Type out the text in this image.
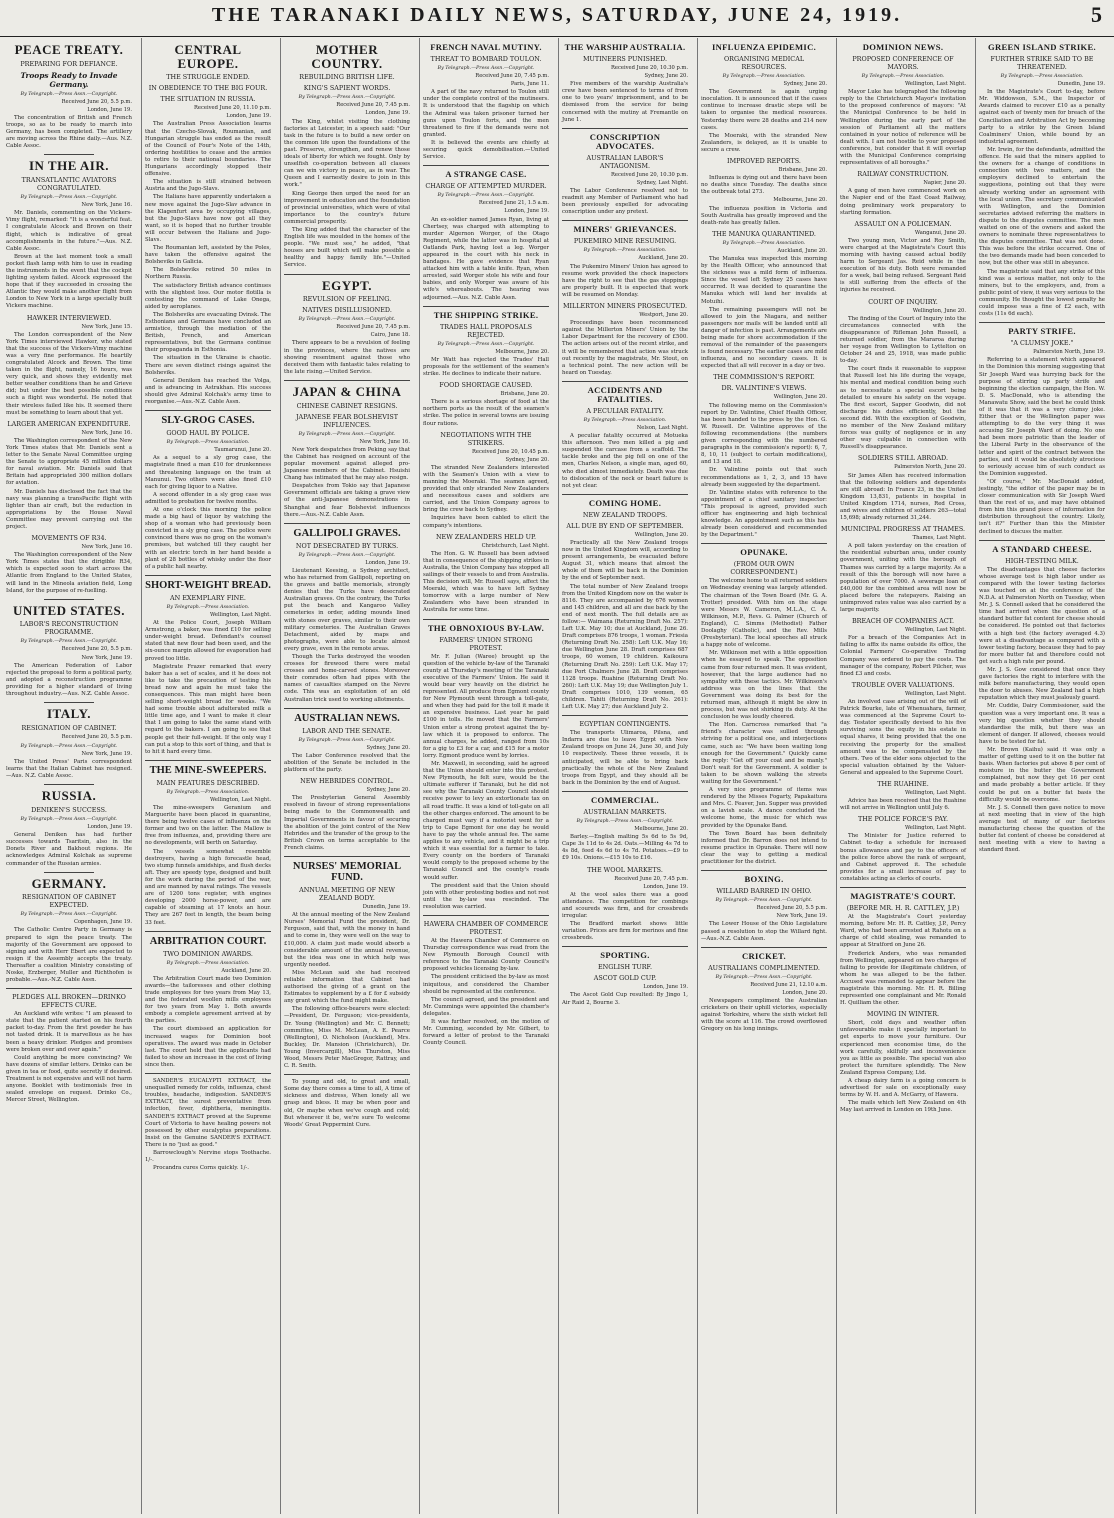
THE TARANAKI DAILY NEWS, SATURDAY, JUNE 24, 1919.	5
PEACE TREATY.
PREPARING FOR DEFIANCE.
Troops Ready to Invade Germany.
By Telegraph.—Press Assn.—Copyright.
Received June 20, 5.5 p.m.
London, June 19.
The concentration of British and French troops, so as to be ready to march into Germany, has been completed. The artillery are moving across the Rhine daily.—Aus. N.Z. Cable Assoc.
IN THE AIR.
TRANSATLANTIC AVIATORS CONGRATULATED.
By Telegraph.—Press Assn.—Copyright.
New York, June 16.
Mr. Daniels, commenting on the Vickers-Vimy flight, remarked: "It is a wonderful feat. I congratulate Alcock and Brown on their flight, which is indicative of great accomplishments in the future."—Aus. N.Z. Cable Assoc.
Brown at the last moment took a small pocket flash lamp with him to use in reading the instruments in the event that the cockpit lighting system failed. Alcock expressed the hope that if they succeeded in crossing the Atlantic they would make another flight from London to New York in a large specially built Vickers machine.
HAWKER INTERVIEWED.
New York, June 15.
The London correspondent of the New York Times interviewed Hawker, who stated that the success of the Vickers-Vimy machine was a very fine performance. He heartily congratulated Alcock and Brown. The time taken in the flight, namely, 16 hours, was very quick, and shows they evidently met better weather conditions than he and Grieve did; but under the best possible conditions such a flight was wonderful. He noted that their wireless failed like his. It seemed there must be something to learn about that yet.
LARGER AMERICAN EXPENDITURE.
New York, June 16.
The Washington correspondent of the New York Times states that Mr. Daniels sent a letter to the Senate Naval Committee urging the Senate to appropriate 45 million dollars for naval aviation. Mr. Daniels said that Britain had appropriated 300 million dollars for aviation.
Mr. Daniels has disclosed the fact that the navy was planning a transPacific flight with lighter than air craft, but the reduction in appropriations by the House Naval Committee may prevent carrying out the project.
MOVEMENTS OF R34.
New York, June 16.
The Washington correspondent of the New York Times states that the dirigible R34, which is expected soon to start across the Atlantic from England to the United States, will land in the Mineola aviation field, Long Island, for the purpose of re-fuelling.
UNITED STATES.
LABOR'S RECONSTRUCTION PROGRAMME.
By Telegraph.—Press Assn.—Copyright.
Received June 20, 5.5 p.m.
New York, June 19.
The American Federation of Labor rejected the proposal to form a political party, and adopted a reconstruction programme providing for a higher standard of living throughout industry.—Aus. N.Z. Cable Assoc.
ITALY.
RESIGNATION OF CABINET.
Received June 20, 5.5 p.m.
By Telegraph.—Press Assn.—Copyright.
New York, June 19.
The United Press' Paris correspondent learns that the Italian Cabinet has resigned.—Aus. N.Z. Cable Assoc.
RUSSIA.
DENIKEN'S SUCCESS.
By Telegraph.—Press Assn.—Copyright.
London, June 19.
General Deniken has had further successes towards Tsaritsin, also in the Donets River and Bakhout regions. He acknowledges Admiral Kolchak as supreme commander of the Russian armies.
GERMANY.
RESIGNATION OF CABINET EXPECTED.
By Telegraph.—Press Assn.—Copyright.
Copenhagen, June 19.
The Catholic Centre Party in Germany is prepared to sign the peace treaty. The majority of the Government are opposed to signing and with Herr Ebert are expected to resign if the Assembly accepts the treaty. Thereafter a coalition Ministry consisting of Noske, Erzberger, Muller and Richthofen is probable.—Aus.-N.Z. Cable Assn.
PLEDGES ALL BROKEN—DRINKO EFFECTS CURE.
An Auckland wife writes: "I am pleased to state that the patient started on his fourth packet to-day. From the first powder he has not tasted drink. It is marvellous as he has been a heavy drinker. Pledges and promises were broken over and over again."
Could anything be more convincing? We have dozens of similar letters. Drinko can be given in tea or food, quite secretly if desired. Treatment is not expensive and will not harm anyone. Booklet with testimonials free in sealed envelope on request. Drinko Co., Mercer Street, Wellington.
CENTRAL EUROPE.
THE STRUGGLE ENDED.
IN OBEDIENCE TO THE BIG FOUR.
THE SITUATION IN RUSSIA.
Received June 20, 11.10 p.m.
London, June 19.
The Australian Press Association learns that the Czecho-Slovak, Roumanian, and Hungarian struggle has ended as the result of the Council of Four's Note of the 14th, ordering hostilities to cease and the armies to retire to their national boundaries. The Hungarians accordingly stopped their offensive.
The situation is still strained between Austria and the Jugo-Slavs.
The Italians have apparently undertaken a new move against the Jugo-Slav advance in the Klagenfurt area by occupying villages, but the Jugo-Slavs have now got all they want, so it is hoped that no further trouble will occur between the Italians and Jugo-Slavs.
The Roumanian left, assisted by the Poles, have taken the offensive against the Bolsheviks in Galicia.
The Bolsheviks retired 50 miles in Northern Russia.
The satisfactory British advance continues with the slightest loss. Our motor flotilla is contesting the command of Lake Onega, aided by aeroplanes.
The Bolsheviks are evacuating Dvinsk. The Esthonians and Germans have concluded an armistice, through the mediation of the British, French, and American representatives, but the Germans continue their propaganda in Esthonia.
The situation in the Ukraine is chaotic. There are seven distinct risings against the Bolsheviks.
General Deniken has reached the Volga, and is advancing in Astrakhan. His success should give Admiral Kolchak's army time to reorganise.—Aus.-N.Z. Cable Assn.
SLY-GROG CASES.
GOOD HAUL BY POLICE.
By Telegraph.—Press Association.
Taumarunui, June 20.
As a sequel to a sly grog case, the magistrate fined a man £10 for drunkenness and threatening language on the train at Manunui. Two others were also fined £10 each for giving liquor to a Native.
A second offender in a sly grog case was admitted to probation for twelve months.
At one o'clock this morning the police made a big haul of liquor by watching the shop of a woman who had previously been convicted in a sly grog case. The police were convinced there was no grog on the woman's premises, but watched till they caught her with an electric torch in her hand beside a plant of 28 bottles of whisky under the floor of a public hall nearby.
SHORT-WEIGHT BREAD.
AN EXEMPLARY FINE.
By Telegraph.—Press Association.
Wellington, Last Night.
At the Police Court, Joseph William Armstrong, a baker, was fined £10 for selling under-weight bread. Defendant's counsel stated that new flour had been used, and the six-ounce margin allowed for evaporation had proved too little.
Magistrate Frazer remarked that every baker has a set of scales, and it he does not like to take the precaution of testing his bread now and again he must take the consequences. This man might have been selling short-weight bread for weeks. "We had some trouble about adulterated milk a little time ago, and I want to make it clear that I am going to take the same stand with regard to the bakers. I am going to see that people get their full-weight. If the only way I can put a stop to this sort of thing, and that is to hit it hard every time.
THE MINE-SWEEPERS.
MAIN FEATURES DESCRIBED.
By Telegraph.—Press Association.
Wellington, Last Night.
The mine-sweepers Geranium and Marguerite have been placed in quarantine, there being twelve cases of influenza on the former and two on the latter. The Mallow is free from influenza, and, providing there are no developments, will berth on Saturday.
The vessels somewhat resemble destroyers, having a high forecastle head, two stump funnels amidships, and flush decks aft. They are speedy type, designed and built for the work during the period of the war, and are manned by naval ratings. The vessels are of 1200 tons register, with engines developing 2000 horse-power, and are capable of steaming at 17 knots an hour. They are 267 feet in length, the beam being 33 feet.
ARBITRATION COURT.
TWO DOMINION AWARDS.
By Telegraph.—Press Association.
Auckland, June 20.
The Arbitration Court made two Dominion awards—the tailoresses and other clothing trade employees for two years from May 13, and the federated woollen mills employees for two years from May 1. Both awards embody a complete agreement arrived at by the parties.
The court dismissed an application for increased wages for Dominion boot operatives. The award was made in October last. The court held that the applicants had failed to show an increase in the cost of living since then.
SANDER'S EUCALYPTI EXTRACT, the unequalled remedy for colds, influenza, chest troubles, headache, indigestion. SANDER'S EXTRACT, the surest preventative from infection, fever, diphtheria, meningitis. SANDER'S EXTRACT proved at the Supreme Court of Victoria to have healing powers not possessed by other eucalyptus preparations. Insist on the Genuine SANDER'S EXTRACT. There is no "just as good."
Barrowclough's Nervine stops Toothache. 1/-.
Procandra cures Corns quickly. 1/-.
MOTHER COUNTRY.
REBUILDING BRITISH LIFE.
KING'S SAPIENT WORDS.
By Telegraph.—Press Assn.—Copyright.
Received June 20, 7.45 p.m.
London, June 19.
The King, whilst visiting the clothing factories at Leicester, in a speech said: "Our task in the future is to build a new order on the common life upon the foundations of the past. Preserve, strengthen, and renew those ideals of liberty for which we fought. Only by unselfish co-operation between all classes can we win victory in peace, as in war. The Queen and I earnestly desire to join in this work."
King George then urged the need for an improvement in education and the foundation of provincial universities, which were of vital importance to the country's future commercial prosperity.
The King added that the character of the English life was moulded in the homes of the people. "We must see," he added, "that houses are built which will make possible a healthy and happy family life."—United Service.
EGYPT.
REVULSION OF FEELING.
NATIVES DISILLUSIONED.
By Telegraph.—Press Assn.—Copyright.
Received June 20, 7.45 p.m.
Cairo, June 18.
There appears to be a revulsion of feeling in the provinces, where the natives are showing resentment against those who deceived them with fantastic tales relating to the late rising.—United Service.
JAPAN & CHINA
CHINESE CABINET RESIGNS.
JAPANESE FEAR BOLSHEVIST INFLUENCES.
By Telegraph.—Press Assn.—Copyright.
New York, June 16.
New York despatches from Peking say that the Cabinet has resigned on account of the popular movement against alleged pro-Japanese members of the Cabinet. Hsuishi Chang has intimated that he may also resign.
Despatches from Tokio say that Japanese Government officials are taking a grave view of the anti-Japanese demonstrations in Shanghai and fear Bolshevist influences there.—Aus.-N.Z. Cable Assn.
GALLIPOLI GRAVES.
NOT DESECRATED BY TURKS.
By Telegraph.—Press Assn.—Copyright.
London, June 19.
Lieutenant Keesing, a Sydney architect, who has returned from Gallipoli, reporting on the graves and battle memorials, strongly denies that the Turks have desecrated Australian graves. On the contrary, the Turks put the beach and Kangaroo Valley cemeteries in order, adding mounds lined with stones over graves, similar to their own military cemeteries. The Australian Graves Detachment, aided by maps and photographs, were able to locate almost every grave, even in the remote areas.
Though the Turks destroyed the wooden crosses for firewood there were metal crosses and home-carved stones. Moreover their comrades often had pipes with the names of casualties stamped on the Nevre code. This was an exploitation of an old Australian trick used to working allotments.
AUSTRALIAN NEWS.
LABOR AND THE SENATE.
By Telegraph.—Press Assn.—Copyright.
Sydney, June 20.
The Labor Conference resolved that the abolition of the Senate be included in the platform of the party.
NEW HEBRIDES CONTROL.
Sydney, June 20.
The Presbyterian General Assembly resolved in favour of strong representations being made to the Commonwealth and Imperial Governments in favour of securing the abolition of the joint control of the New Hebrides and the transfer of the group to the British Crown on terms acceptable to the French claims.
NURSES' MEMORIAL FUND.
ANNUAL MEETING OF NEW ZEALAND BODY.
Dunedin, June 19.
At the annual meeting of the New Zealand Nurses' Memorial Fund the president, Dr. Ferguson, said that, with the money in hand and to come in, they were well on the way to £10,000. A claim just made would absorb a considerable amount of the annual revenue, but the idea was one in which help was urgently needed.
Miss McLean said she had received reliable information that Cabinet had authorised the giving of a grant on the Estimates to supplement by a £ for £ subsidy any grant which the fund might make.
The following office-bearers were elected:—President, Dr. Ferguson; vice-presidents, Dr. Young (Wellington) and Mr. C. Bennett; committee, Miss M. McLean, A. E. Pearce (Wellington), O. Nicholson (Auckland), Mrs. Buckley, Dr. Mansion (Christchurch), Dr. Young (Invercargill), Miss Thurston, Miss Wood, Messrs Peter MacGregor, Rattray, and C. R. Smith.
To young and old, to great and small, Some day there comes a time to all, A time of sickness and distress, When lonely all we grasp and bless. It may be when poor and old, Or maybe when we've cough and cold; But whenever it be, we're sure To welcome Woods' Great Peppermint Cure.
FRENCH NAVAL MUTINY.
THREAT TO BOMBARD TOULON.
By Telegraph.—Press Assn.—Copyright.
Received June 20, 7.45 p.m.
Paris, June 11.
A part of the navy returned to Toulon still under the complete control of the mutineers. It is understood that the flagship on which the Admiral was taken prisoner turned her guns upon Toulon forts, and the men threatened to fire if the demands were not granted.
It is believed the events are chiefly at securing quick demobilisation.—United Service.
A STRANGE CASE.
CHARGE OF ATTEMPTED MURDER.
By Telegraph.—Press Assn.—Copyright.
Received June 21, 1.5 a.m.
London, June 19.
An ex-soldier named James Ryan, living at Chertsey, was charged with attempting to murder Algernon Worger, of the Otago Regiment, while the latter was in hospital at Oatlands Park, having lost a leg. Worger appeared in the court with his neck in bandages. He gave evidence that Ryan attacked him with a table knife. Ryan, when arrested, said Worger stole his wife and four babies, and only Worger was aware of his wife's whereabouts. The hearing was adjourned.—Aus. N.Z. Cable Assn.
THE SHIPPING STRIKE.
TRADES HALL PROPOSALS REJECTED.
By Telegraph.—Press Assn.—Copyright.
Melbourne, June 20.
Mr Watt has rejected the Trades' Hall proposals for the settlement of the seamen's strike. He declines to indicate their nature.
FOOD SHORTAGE CAUSED.
Brisbane, June 20.
There is a serious shortage of food at the northern ports as the result of the seamen's strike. The police in several towns are issuing flour rations.
NEGOTIATIONS WITH THE STRIKERS.
Received June 20, 10.45 p.m.
Sydney, June 20.
The stranded New Zealanders interested with the Seamen's Union with a view to manning the Moeraki. The seamen agreed, provided that only stranded New Zealanders and necessitous cases and soldiers are carried, and the Union Company agrees to bring the crew back to Sydney.
Inquiries have been cabled to elicit the company's intentions.
NEW ZEALANDERS HELD UP.
Christchurch, Last Night.
The Hon. G. W. Russell has been advised that in consequence of the shipping strikes in Australia, the Union Company has stopped all sailings of their vessels to and from Australia. This decision will, Mr. Russell says, affect the Moeraki, which was to have left Sydney tomorrow with a large number of New Zealanders who have been stranded in Australia for some time.
THE OBNOXIOUS BY-LAW.
FARMERS' UNION STRONG PROTEST.
Mr. F. Julian (Waree) brought up the question of the vehicle by-law of the Taranaki county at Thursday's meeting of the Taranaki executive of the Farmers' Union. He said it would bear very heavily on the district he represented. All produce from Egmont county for New Plymouth went through a toll-gate, and when they had paid for the toll it made it an expensive business. Last year he paid £100 in tolls. He moved that the Farmers' Union enter a strong protest against the by-law which it is proposed to enforce. The annual charges, he added, ranged from 10s for a gig to £3 for a car, and £15 for a motor lorry. Egmont produce went by lorries.
Mr. Maxwell, in seconding, said he agreed that the Union should enter into this protest. New Plymouth, he felt sure, would be the ultimate sufferer if Taranaki, but he did not see why the Taranaki County Council should receive power to levy an extortionate tax on all road traffic. It was a kind of toll-gate on all the other charges enforced. The amount to be charged must vary if a motorist went for a trip to Cape Egmont for one day he would have to pay the whole annual fee. The same applies to any vehicle, and it might be a trip which it was essential for a farmer to take. Every county on the borders of Taranaki would comply to the proposed scheme by the Taranaki Council and the county's roads would suffer.
The president said that the Union should join with other protesting bodies and not rest until the by-law was rescinded. The resolution was carried.
HAWERA CHAMBER OF COMMERCE PROTEST.
At the Hawera Chamber of Commerce on Thursday correspondence was read from the New Plymouth Borough Council with reference to the Taranaki County Council's proposed vehicles licensing by-law.
The president criticised the by-law as most iniquitous, and considered the Chamber should be represented at the conference.
The council agreed, and the president and Mr. Cummings were appointed the chamber's delegates.
It was further resolved, on the motion of Mr. Cumming, seconded by Mr. Gilbert, to forward a letter of protest to the Taranaki County Council.
THE WARSHIP AUSTRALIA.
MUTINEERS PUNISHED.
Received June 20, 10.30 p.m.
Sydney, June 20.
Five members of the warship Australia's crew have been sentenced to terms of from one to two years' imprisonment, and to be dismissed from the service for being concerned with the mutiny at Fremantle on June 1.
CONSCRIPTION ADVOCATES.
AUSTRALIAN LABOR'S ANTAGONISM.
Received June 20, 10.30 p.m.
Sydney, Last Night.
The Labor Conference resolved not to readmit any Member of Parliament who had been previously expelled for advocating conscription under any pretext.
MINERS' GRIEVANCES.
PUKEMIRO MINE RESUMING.
By Telegraph.—Press Association.
Auckland, June 20.
The Pukemiro Miners' Union has agreed to resume work provided the check inspectors have the right to see that the gas stoppings are properly built. It is expected that work will be resumed on Monday.
MILLERTON MINERS PROSECUTED.
Westport, June 20.
Proceedings have been recommenced against the Millerton Miners' Union by the Labor Department for the recovery of £500. The action arises out of the recent strike, and it will be remembered that action was struck out recently by the magistrate, Mr. Stout, on a technical point. The new action will be heard on Tuesday.
ACCIDENTS AND FATALITIES.
A PECULIAR FATALITY.
By Telegraph.—Press Association.
Nelson, Last Night.
A peculiar fatality occurred at Motueka this afternoon. Two men killed a pig and suspended the carcase from a scaffold. The tackle broke and the pig fell on one of the men, Charles Nelson, a single man, aged 60, who died almost immediately. Death was due to dislocation of the neck or heart failure is not yet clear.
COMING HOME.
NEW ZEALAND TROOPS.
ALL DUE BY END OF SEPTEMBER.
Wellington, June 20.
Practically all the New Zealand troops now in the United Kingdom will, according to present arrangements, be evacuated before August 31, which means that almost the whole of them will be back in the Dominion by the end of September next.
The total number of New Zealand troops from the United Kingdom now on the water is 8116. They are accompanied by 676 women and 145 children, and all are due back by the end of next month. The full details are as follow:— Waimana (Returning Draft No. 257): Left U.K. May 10; due at Auckland, June 26. Draft comprises 876 troops, 1 woman. Friesia (Returning Draft No. 258): Left U.K. May 16; due Wellington June 28. Draft comprises 687 troops, 60 women, 19 children. Kaikoura (Returning Draft No. 259): Left U.K. May 17; due Port Chalmers June 28. Draft comprises 1128 troops. Ruahine (Returning Draft No. 260): Left U.K. May 19; due Wellington July 1. Draft comprises 1010, 139 women, 65 children. Tahiti (Returning Draft No. 261): Left U.K. May 27; due Auckland July 2.
EGYPTIAN CONTINGENTS.
The transports Ulimaroa, Pilsna, and Indarra are due to leave Egypt with New Zealand troops on June 24, June 30, and July 10 respectively. These three vessels, it is anticipated, will be able to bring back practically the whole of the New Zealand troops from Egypt, and they should all be back in the Dominion by the end of August.
COMMERCIAL.
AUSTRALIAN MARKETS.
By Telegraph.—Press Assn.—Copyright.
Melbourne, June 20.
Barley.—English malting 5s 6d to 5s 9d, Cape 3s 11d to 4s 2d. Oats.—Milling 4s 7d to 4s 8d, feed 4s 6d to 4s 7d. Potatoes.—£9 to £9 10s. Onions.—£15 10s to £16.
THE WOOL MARKETS.
Received June 20, 7.45 p.m.
London, June 19.
At the wool sales there was a good attendance. The competition for combings and scoureds was firm, and for crossbreds irregular.
The Bradford market shows little variation. Prices are firm for merinos and fine crossbreds.
SPORTING.
ENGLISH TURF.
ASCOT GOLD CUP.
London, June 19.
The Ascot Gold Cup resulted: By Jingo 1, Air Raid 2, Bourne 3.
INFLUENZA EPIDEMIC.
ORGANISING MEDICAL RESOURCES.
By Telegraph.—Press Association.
Sydney, June 20.
The Government is again urging inoculation. It is announced that if the cases continue to increase drastic steps will be taken to organise the medical resources. Yesterday there were 28 deaths and 214 new cases.
The Moeraki, with the stranded New Zealanders, is delayed, as it is unable to secure a crew.
IMPROVED REPORTS.
Brisbane, June 20.
Influenza is dying out and there have been no deaths since Tuesday. The deaths since the outbreak total 273.
Melbourne, June 20.
The influenza position in Victoria and South Australia has greatly improved and the death-rate has greatly fallen.
THE MANUKA QUARANTINED.
By Telegraph.—Press Association.
Auckland, June 20.
The Manuka was inspected this morning by the Health Officer, who announced that the sickness was a mild form of influenza. Since the vessel left Sydney 25 cases have occurred. It was decided to quarantine the Manuka which will land her invalids at Motuihi.
The remaining passengers will not be allowed to join the Niagara, and neither passengers nor mails will be landed until all danger of infection is past. Arrangements are being made for shore accommodation if the removal of the remainder of the passengers is found necessary. The earlier cases are mild influenza, and no secondary cases. It is expected that all will recover in a day or two.
THE COMMISSION'S REPORT.
DR. VALINTINE'S VIEWS.
Wellington, June 20.
The following memo on the Commission's report by Dr. Valintine, Chief Health Officer, has been handed to the press by the Hon. G. W. Russell. Dr. Valintine approves of the following recommendations (the numbers given corresponding with the numbered paragraphs in the commission's report): 6, 7, 8, 10, 11 (subject to certain modifications), and 13 and 18.
Dr. Valintine points out that such recommendations as 1, 2, 3, and 15 have already been suggested by the department.
Dr. Valintine states with reference to the appointment of a chief sanitary inspector: "This proposal is agreed, provided such officer has engineering and high technical knowledge. An appointment such as this has already been considered and recommended by the Department."
OPUNAKE.
(FROM OUR OWN CORRESPONDENT.)
The welcome home to all returned soldiers on Wednesday evening was largely attended. The chairman of the Town Board (Mr. G. A. Trotter) presided. With him on the stage were Messrs W. Cameron, M.L.A., C. A. Wilkinson, M.P., Revs. G. Palmer (Church of England), C. Simms (Methodist) Father Doolaghy (Catholic), and the Rev. Mills (Presbyterian). The local speeches all struck a happy note of welcome.
Mr. Wilkinson met with a little opposition when he essayed to speak. The opposition came from four returned men. It was evident, however, that the large audience had no sympathy with these tactics. Mr. Wilkinson's address was on the lines that the Government was doing its best for the returned man, although it might be slow in process, but was not shirking its duty. At the conclusion he was loudly cheered.
The Hon. Carncross remarked that "a friend's character was sullied through striving for a political one, and interjections came, such as: "We have been waiting long enough for the Government." Quickly came the reply: "Get off your coat and be manly." Don't wait for the Government. A soldier is taken to be shown walking the streets waiting for the Government."
A very nice programme of items was rendered by the Misses Fogarty, Papakaitura and Mrs. C. Feaver, Jun. Supper was provided on a lavish scale. A dance concluded the welcome home, the music for which was provided by the Opunake Band.
The Town Board has been definitely informed that Dr. Barron does not intend to resume practice in Opunake. There will now clear the way to getting a medical practitioner for the district.
BOXING.
WILLARD BARRED IN OHIO.
By Telegraph.—Press Assn.—Copyright.
Received June 20, 5.5 p.m.
New York, June 19.
The Lower House of the Ohio Legislature passed a resolution to stop the Willard fight.—Aus.-N.Z. Cable Assn.
CRICKET.
AUSTRALIANS COMPLIMENTED.
By Telegraph.—Press Assn.—Copyright.
Received June 21, 12.10 a.m.
London, June 20.
Newspapers compliment the Australian cricketers on their uphill victories, especially against Yorkshire, where the sixth wicket fell with the score at 116. The crowd overflowed Gregory on his long innings.
DOMINION NEWS.
PROPOSED CONFERENCE OF MAYORS.
By Telegraph.—Press Association.
Wellington, Last Night.
Mayor Luke has telegraphed the following reply to the Christchurch Mayor's invitation to the proposed conference of mayors: "At the Municipal Conference to be held in Wellington during the early part of the session of Parliament all the matters contained in your notice of reference will be dealt with. I am not hostile to your proposed conference, but consider that it will overlap with the Municipal Conference comprising representatives of all boroughs."
RAILWAY CONSTRUCTION.
Napier, June 20.
A gang of men have commenced work on the Napier end of the East Coast Railway, doing preliminary work preparatory to starting formation.
ASSAULT ON A POLICEMAN.
Wanganui, June 20.
Two young men, Victor and Roy Smith, were charged at the Magistrate's Court this morning with having caused actual bodily harm to Sergeant Jas. Reid while in the execution of his duty. Both were remanded for a week, bail being refused. Sergeant Reid is still suffering from the effects of the injuries he received.
COURT OF INQUIRY.
Wellington, June 20.
The finding of the Court of Inquiry into the circumstances connected with the disappearance of Rifleman John Russell, a returned soldier, from the Mararoa during her voyage from Wellington to Lyttelton on October 24 and 25, 1918, was made public to-day.
The court finds it reasonable to suppose that Russell lost his life during the voyage, his mental and medical condition being such as to necessitate a special escort being detailed to ensure his safety on the voyage. The first escort, Sapper Goodwin, did not discharge his duties efficiently, but the second did. With the exception of Goodwin, no member of the New Zealand military forces was guilty of negligence or in any other way culpable in connection with Russell's disappearance.
SOLDIERS STILL ABROAD.
Palmerston North, June 20.
Sir James Allen has received information that the following soldiers and dependents are still abroad: In France 23, in the United Kingdom 13,831, patients in hospital in United Kingdom 1714, nurses, Red Cross, and wives and children of soldiers 263—total 15,698; already returned 31,244.
MUNICIPAL PROGRESS AT THAMES.
Thames, Last Night.
A poll taken yesterday on the creation of the residential suburban area, under county government, uniting with the borough of Thames was carried by a large majority. As a result of this the borough will now have a population of over 7000. A sewerage loan of £40,000 for the combined area will now be placed before the ratepayers. Raising an unimproved rates value was also carried by a large majority.
BREACH OF COMPANIES ACT.
Wellington, Last Night.
For a breach of the Companies Act in failing to affix its name outside its office, the Colonial Farmers' Co-operative Trading Company was ordered to pay the costs. The manager of the company, Robert Pilcher, was fined £3 and costs.
TROUBLE OVER VALUATIONS.
Wellington, Last Night.
An involved case arising out of the will of Patrick Bourke, late of Whenuahara, farmer, was commenced at the Supreme Court to-day. Testator specifically devised to his five surviving sons the equity in his estate in equal shares, it being provided that the one receiving the property for the smallest amount was to be compensated by the others. Two of the elder sons objected to the special valuation obtained by the Valuer-General and appealed to the Supreme Court.
THE RUAHINE.
Wellington, Last Night.
Advice has been received that the Ruahine will not arrive in Wellington until July 6.
THE POLICE FORCE'S PAY.
Wellington, Last Night.
The Minister for Justice referred to Cabinet to-day a schedule for increased bonus allowances and pay to the officers of the police force above the rank of sergeant, and Cabinet approved it. The schedule provides for a small increase of pay to constables acting as clerks of courts.
MAGISTRATE'S COURT.
(BEFORE MR. H. R. CATTLEY, J.P.)
At the Magistrate's Court yesterday morning, before Mr. H. R. Cattley, J.P., Percy Ward, who had been arrested at Rahotu on a charge of child stealing, was remanded to appear at Stratford on June 26.
Frederick Anders, who was remanded from Wellington, appeared on two charges of failing to provide for illegitimate children, of whom he was alleged to be the father. Accused was remanded to appear before the magistrate this morning. Mr. H. R. Billing represented one complainant and Mr. Ronald H. Quilliam the other.
MOVING IN WINTER.
Short, cold days and weather often unfavourable make it specially important to get experts to move your furniture. Our experienced men economise time, do the work carefully, skilfully and inconvenience you as little as possible. The special van also protect the furniture splendidly. The New Zealand Express Company, Ltd.
A cheap dairy farm is a going concern is advertised for sale on exceptionally easy terms by W. H. and A. McGarry, of Hawera.
The mails which left New Zealand on 4th May last arrived in London on 19th June.
GREEN ISLAND STRIKE.
FURTHER STRIKE SAID TO BE THREATENED.
By Telegraph.—Press Association.
Dunedin, June 19.
In the Magistrate's Court to-day, before Mr. Widdowson, S.M., the Inspector of Awards claimed to recover £10 as a penalty against each of twenty men for breach of the Conciliation and Arbitration Act by becoming party to a strike by the Green Island Coalminers' Union, while bound by an industrial agreement.
Mr. Irwin, for the defendants, admitted the offence. He said that the miners applied to the owners for a change of conditions in connection with two matters, and the employers declined to entertain the suggestions, pointing out that they were already working under an agreement with the local union. The secretary communicated with Wellington, and the Dominion secretaries advised referring the matters in dispute to the disputes committee. The men waited on one of the owners and asked the owners to nominate three representatives to the disputes committee. That was not done. This was before the strike occurred. One of the two demands made had been conceded to now, but the other was still in abeyance.
The magistrate said that any strike of this kind was a serious matter, not only to the miners, but to the employers, and, from a public point of view, it was very serious to the community. He thought the lowest penalty he could impose was a fine of £2 each, with costs (11s 6d each).
PARTY STRIFE.
"A CLUMSY JOKE."
Palmerston North, June 19.
Referring to a statement which appeared in the Dominion this morning suggesting that Sir Joseph Ward was hurrying back for the purpose of stirring up party strife and beginning the election campaign, the Hon. W. D. S. MacDonald, who is attending the Manawatu Show, said the best he could think of it was that it was a very clumsy joke. Either that or the Wellington paper was attempting to do the very thing it was accusing Sir Joseph Ward of doing. No one had been more patriotic than the leader of the Liberal Party in the observance of the letter and spirit of the contract between the parties, and it would be absolutely atrocious to seriously accuse him of such conduct as the Dominion suggested.
"Of course," Mr. MacDonald added, jestingly, "the editor of the paper may be in closer communication with Sir Joseph Ward than the rest of us, and may have obtained from him this grand piece of information for distribution throughout the country. Likely, isn't it?" Further than this the Minister declined to discuss the matter.
A STANDARD CHEESE.
HIGH-TESTING MILK.
The disadvantages that cheese factories whose average test is high labor under as compared with the lower testing factories was touched on at the conference of the N.D.A. at Palmerston North on Tuesday, when Mr. J. S. Connell asked that he considered the time had arrived when the question of a standard butter fat content for cheese should be considered. He pointed out that factories with a high test (the factory averaged 4.3) were at a disadvantage as compared with a lower testing factory, because they had to pay for more butter fat and therefore could not get such a high rate per pound.
Mr. J. S. Gow considered that once they gave factories the right to interfere with the milk before manufacturing, they would open the door to abuses. New Zealand had a high reputation which they must jealously guard.
Mr. Cuddie, Dairy Commissioner, said the question was a very important one. It was a very big question whether they should standardise the milk, but there was an element of danger. If allowed, cheeses would have to be tested for fat.
Mr. Brown (Kaihu) said it was only a matter of getting used to it on the butter fat basis. When factories put above 8 per cent of moisture in the butter the Government complained, but now they get 16 per cent and made probably a better article. If they could be put on a butter fat basis the difficulty would be overcome.
Mr. J. S. Connell then gave notice to move at next meeting that in view of the high average test of many of our factories manufacturing cheese the question of the butter fat content of cheese be considered at next meeting with a view to having a standard fixed.
